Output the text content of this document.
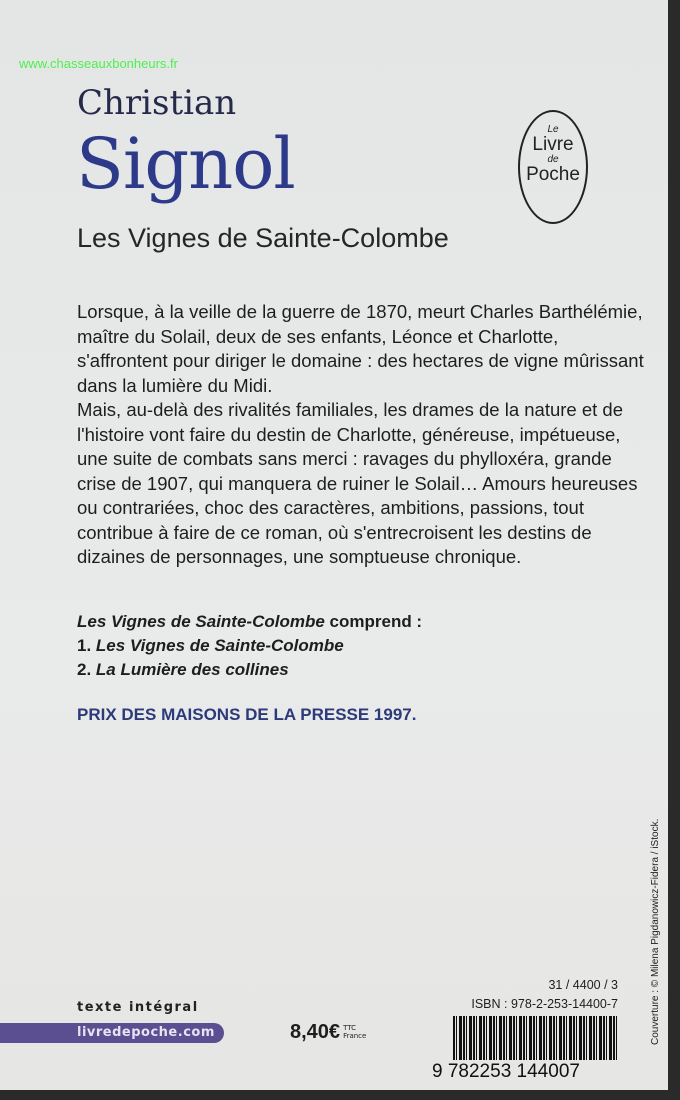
www.chasseauxbonheurs.fr
Christian
Signol	Le
Livre
de
Poche
Les Vignes de Sainte-Colombe

Lorsque, à la veille de la guerre de 1870, meurt Charles Barthélémie, maître du Solail, deux de ses enfants, Léonce et Charlotte, s'affrontent pour diriger le domaine : des hectares de vigne mûrissant dans la lumière du Midi.

Mais, au-delà des rivalités familiales, les drames de la nature et de l'histoire vont faire du destin de Charlotte, généreuse, impétueuse, une suite de combats sans merci : ravages du phylloxéra, grande crise de 1907, qui manquera de ruiner le Solail… Amours heureuses ou contrariées, choc des caractères, ambitions, passions, tout contribue à faire de ce roman, où s'entrecroisent les destins de dizaines de personnages, une somptueuse chronique.

Les Vignes de Sainte-Colombe comprend :
1. Les Vignes de Sainte-Colombe
2. La Lumière des collines
PRIX DES MAISONS DE LA PRESSE 1997.
Couverture : © Milena Pigdanowicz-Fidera / iStock.
texte intégral
livredepoche.com	8,40€ TTC
France
31 / 4400 / 3
ISBN : 978-2-253-14400-7
9 782253 144007
